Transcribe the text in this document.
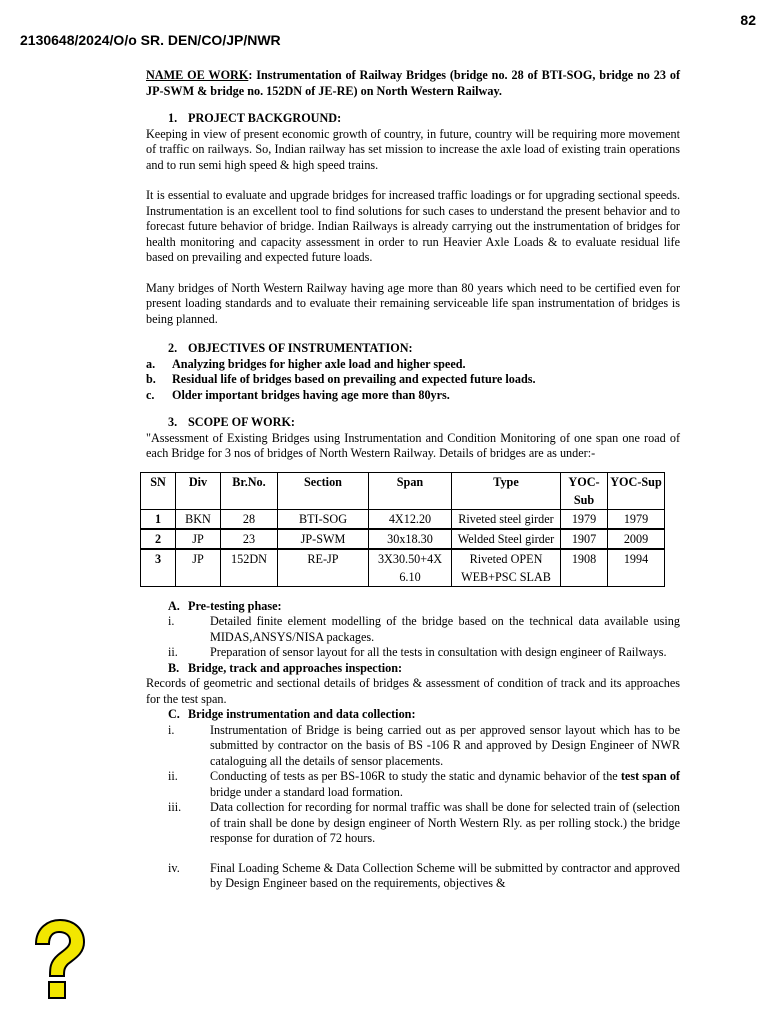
82
2130648/2024/O/o SR. DEN/CO/JP/NWR

NAME OE WORK: Instrumentation of Railway Bridges (bridge no. 28 of BTI-SOG, bridge no 23 of JP-SWM & bridge no. 152DN of JE-RE) on North Western Railway.

1. PROJECT BACKGROUND:

Keeping in view of present economic growth of country, in future, country will be requiring more movement of traffic on railways. So, Indian railway has set mission to increase the axle load of existing train operations and to run semi high speed & high speed trains.

It is essential to evaluate and upgrade bridges for increased traffic loadings or for upgrading sectional speeds. Instrumentation is an excellent tool to find solutions for such cases to understand the present behavior and to forecast future behavior of bridge. Indian Railways is already carrying out the instrumentation of bridges for health monitoring and capacity assessment in order to run Heavier Axle Loads & to evaluate residual life based on prevailing and expected future loads.

Many bridges of North Western Railway having age more than 80 years which need to be certified even for present loading standards and to evaluate their remaining serviceable life span instrumentation of bridges is being planned.

2. OBJECTIVES OF INSTRUMENTATION:
a.	Analyzing bridges for higher axle load and higher speed.
b.	Residual life of bridges based on prevailing and expected future loads.
c.	Older important bridges having age more than 80yrs.
3. SCOPE OF WORK:

"Assessment of Existing Bridges using Instrumentation and Condition Monitoring of one span one road of each Bridge for 3 nos of bridges of North Western Railway. Details of bridges are as under:-

SN	Div	Br.No.	Section	Span	Type	YOC-Sub	YOC-Sup
1	BKN	28	BTI-SOG	4X12.20	Riveted steel girder	1979	1979
2	JP	23	JP-SWM	30x18.30	Welded Steel girder	1907	2009
3	JP	152DN	RE-JP	3X30.50+4X 6.10	Riveted OPEN WEB+PSC SLAB	1908	1994
A. Pre-testing phase:
i.	Detailed finite element modelling of the bridge based on the technical data available using MIDAS,ANSYS/NISA packages.
ii.	Preparation of sensor layout for all the tests in consultation with design engineer of Railways.
B. Bridge, track and approaches inspection:

Records of geometric and sectional details of bridges & assessment of condition of track and its approaches for the test span.

C. Bridge instrumentation and data collection:
i.	Instrumentation of Bridge is being carried out as per approved sensor layout which has to be submitted by contractor on the basis of BS -106 R and approved by Design Engineer of NWR cataloguing all the details of sensor placements.
ii.	Conducting of tests as per BS-106R to study the static and dynamic behavior of the test span of bridge under a standard load formation.
iii.	Data collection for recording for normal traffic was shall be done for selected train of (selection of train shall be done by design engineer of North Western Rly. as per rolling stock.) the bridge response for duration of 72 hours.
iv.	Final Loading Scheme & Data Collection Scheme will be submitted by contractor and approved by Design Engineer based on the requirements, objectives &
